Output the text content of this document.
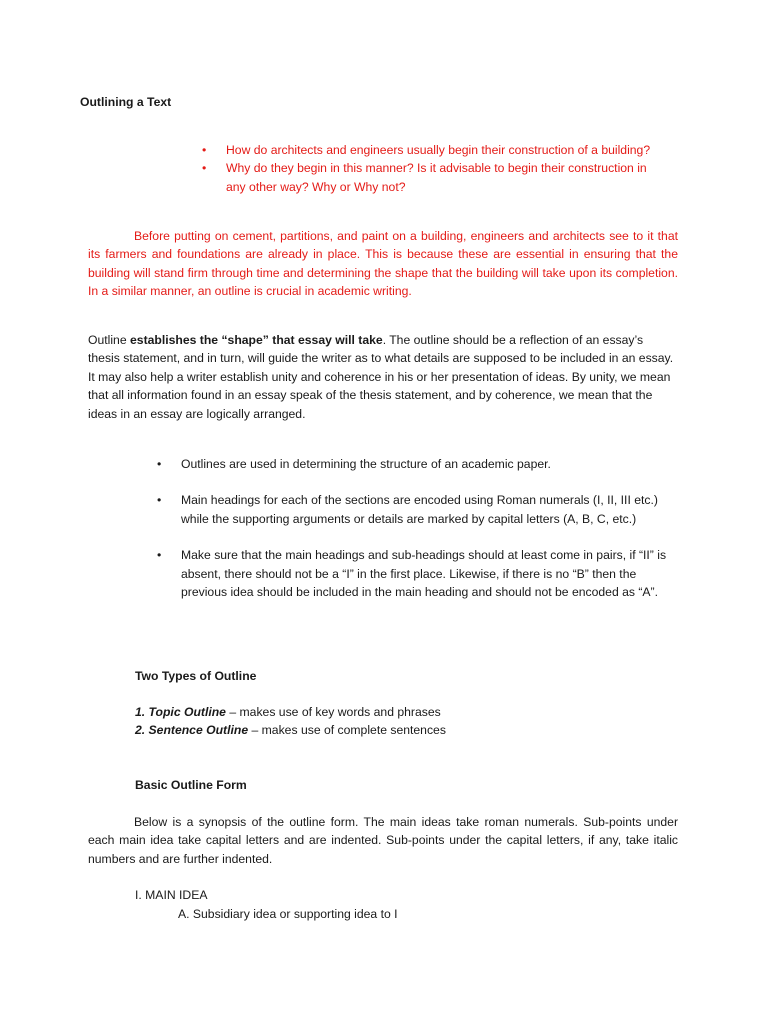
Outlining a Text
• How do architects and engineers usually begin their construction of a building?
• Why do they begin in this manner? Is it advisable to begin their construction in any other way? Why or Why not?
Before putting on cement, partitions, and paint on a building, engineers and architects see to it that its farmers and foundations are already in place. This is because these are essential in ensuring that the building will stand firm through time and determining the shape that the building will take upon its completion. In a similar manner, an outline is crucial in academic writing.
Outline establishes the “shape” that essay will take. The outline should be a reflection of an essay’s thesis statement, and in turn, will guide the writer as to what details are supposed to be included in an essay. It may also help a writer establish unity and coherence in his or her presentation of ideas. By unity, we mean that all information found in an essay speak of the thesis statement, and by coherence, we mean that the ideas in an essay are logically arranged.
• Outlines are used in determining the structure of an academic paper.
• Main headings for each of the sections are encoded using Roman numerals (I, II, III etc.) while the supporting arguments or details are marked by capital letters (A, B, C, etc.)
• Make sure that the main headings and sub-headings should at least come in pairs, if “II” is absent, there should not be a “I” in the first place. Likewise, if there is no “B” then the previous idea should be included in the main heading and should not be encoded as “A”.
Two Types of Outline
1. Topic Outline – makes use of key words and phrases
2. Sentence Outline – makes use of complete sentences
Basic Outline Form
Below is a synopsis of the outline form. The main ideas take roman numerals. Sub-points under each main idea take capital letters and are indented. Sub-points under the capital letters, if any, take italic numbers and are further indented.
I. MAIN IDEA
A. Subsidiary idea or supporting idea to I
